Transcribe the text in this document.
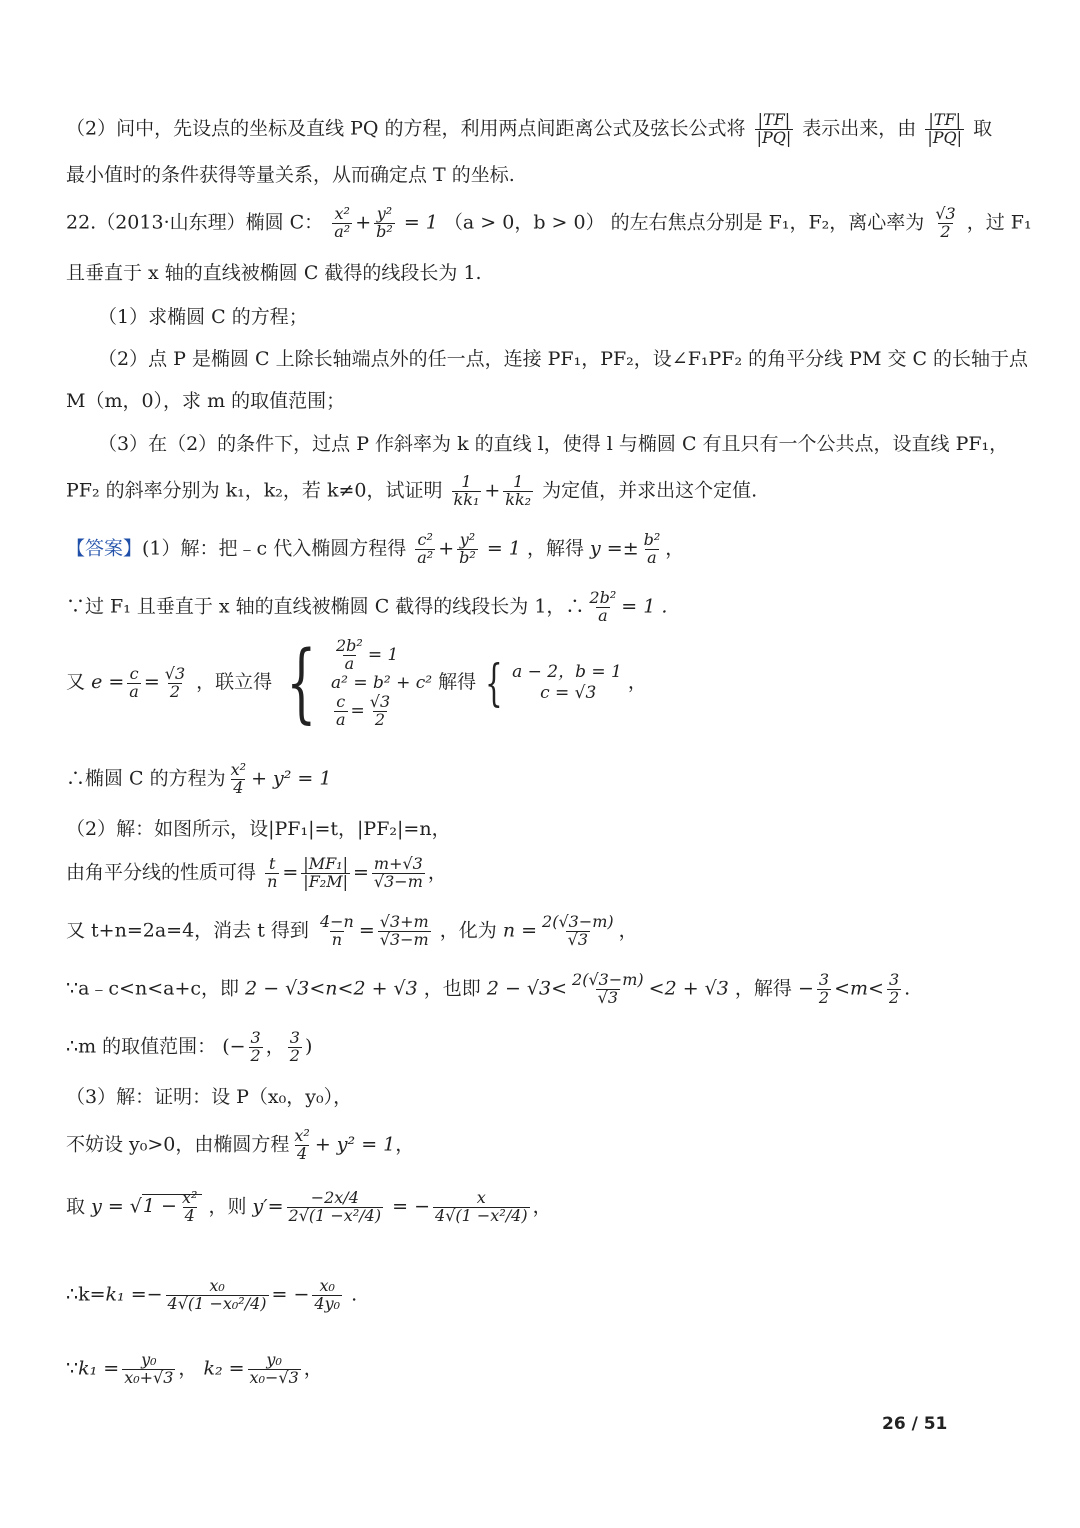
（2）问中，先设点的坐标及直线 PQ 的方程，利用两点间距离公式及弦长公式将 $\frac{|TF|}{|PQ|}$ 表示出来，由 $\frac{|TF|}{|PQ|}$ 取
最小值时的条件获得等量关系，从而确定点 T 的坐标.
22.（2013·山东理）椭圆 C： $\frac{\text{x²}}{\text{a²}} + \frac{\text{y²}}{\text{b²}} = 1$ （a > 0，b > 0） 的左右焦点分别是 F₁，F₂，离心率为 $\frac{√3}{2}$ ，过 F₁
且垂直于 x 轴的直线被椭圆 C 截得的线段长为 1.
（1）求椭圆 C 的方程；
（2）点 P 是椭圆 C 上除长轴端点外的任一点，连接 PF₁，PF₂，设∠F₁PF₂ 的角平分线 PM 交 C 的长轴于点
M（m，0），求 m 的取值范围；
（3）在（2）的条件下，过点 P 作斜率为 k 的直线 l，使得 l 与椭圆 C 有且只有一个公共点，设直线 PF₁，
PF₂ 的斜率分别为 k₁，k₂，若 k≠0，试证明 $\frac{1}{\text{kk₁}} + \frac{1}{\text{kk₂}}$ 为定值，并求出这个定值.
【答案】(1）解：把﹣c 代入椭圆方程得 $\frac{\text{c²}}{\text{a²}} + \frac{\text{y²}}{\text{b²}} = 1$ ，解得 $y =\pm \frac{\text{b²}}{a}$ ，
∵过 F₁ 且垂直于 x 轴的直线被椭圆 C 截得的线段长为 1，∴ $\frac{\text{2b²}}{a} = 1$ .
又 $e = \frac{c}{a} = \frac{√3}{2}$ ，联立得 { $\frac{\text{2b²}}{a} = 1$
a² = b² + c²
$\frac{c}{a} = \frac{√3}{2}$
解得 { a − 2，b = 1
c = √3	，
∴椭圆 C 的方程为 $\frac{\text{x²}}{4} + y^2 = 1$
（2）解：如图所示，设|PF₁|=t，|PF₂|=n，
由角平分线的性质可得 $\frac{t}{n} = \frac{\text{|MF₁|}}{\text{|F₂M|}} = \frac{m+√3}{√3-m}$ ，
又 t+n=2a=4，消去 t 得到 $\frac{4-n}{n} = \frac{√3+m}{√3-m}$ ，化为 $n = \frac{2(√3-m)}{√3}$ ，
∵a﹣c<n<a+c，即 2 − √3<n<2 + √3 ，也即 $2 - √3< \frac{2(√3-m)}{√3} <2 + √3$ ，解得 − $\frac{3}{2} <m< \frac{3}{2}$ .
∴m 的取值范围： (− $\frac{3}{2}$ ， $\frac{3}{2}$ )
（3）解：证明：设 P（x₀，y₀），
不妨设 y₀>0，由椭圆方程 $\frac{\text{x²}}{4} + y^2 = 1$，
取 $y = √1 - \frac{\text{x²}}{4}$ ，则 $y'= \frac{-2x/4}{\text{2√(1 −x²/4)}}$ = − $\frac{x}{\text{4√(1 −x²/4)}}$ ，
∴k=k₁ =− $\frac{\text{x₀}}{\text{4√(1 −x₀²/4)}}$ = − $\frac{\text{x₀}}{\text{4y₀}}$ .
∵k₁ = $\frac{\text{y₀}}{\text{x₀+√3}}$ ， $k_2 = \frac{\text{y₀}}{\text{x₀−√3}}$ ，
26 / 51
